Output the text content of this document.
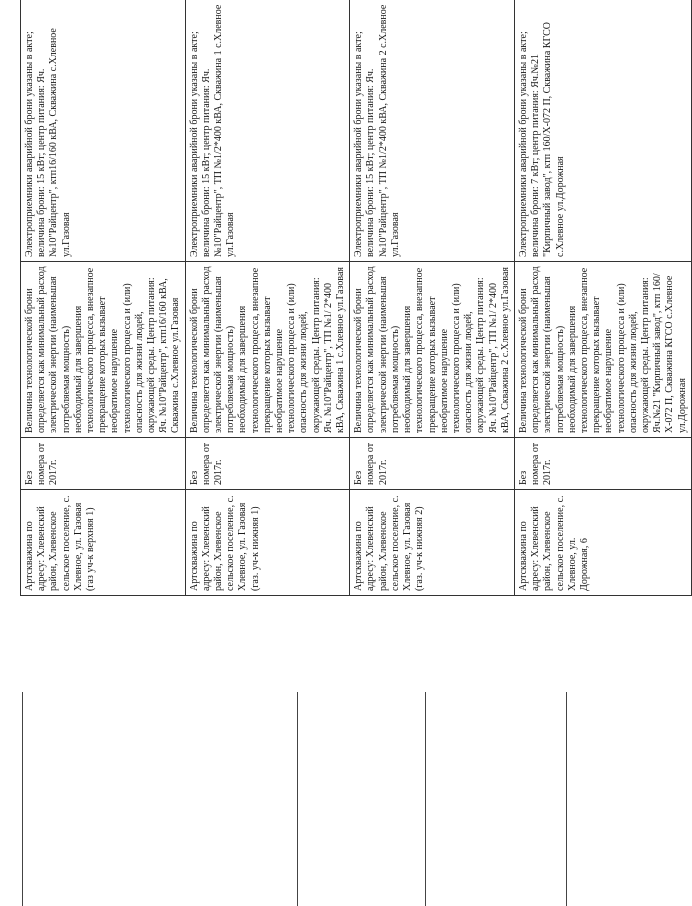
Артскважина по адресу: Хлевенский район, Хлевенское сельское поселение, с. Хлевное, ул. Газовая (газ уч-к верхняя 1)	Без номера от 2017г.	Величина технологической брони определяется как минимальный расход электрической энергии (наименьшая потребляемая мощность) необходимый для завершения технологического процесса, внезапное прекращение которых вызывает необратимое нарушение технологического процесса и (или) опасность для жизни людей, окружающей среды. Центр питания: Яч. №10"Райцентр", ктп16/160 кВА, Скважина с.Хлевное ул.Газовая	Электроприемники аварийной брони указаны в акте; величина брони: 15 кВт; центр питания: Яч. №10"Райцентр", ктп16/160 кВА, Скважина с.Хлевное ул.Газовая
Артскважина по адресу: Хлевенский район, Хлевенское сельское поселение, с. Хлевное, ул. Газовая (газ. уч-к нижняя 1)	Без номера от 2017г.	Величина технологической брони определяется как минимальный расход электрической энергии (наименьшая потребляемая мощность) необходимый для завершения технологического процесса, внезапное прекращение которых вызывает необратимое нарушение технологического процесса и (или) опасность для жизни людей, окружающей среды. Центр питания: Яч. №10"Райцентр", ТП №1/ 2*400 кВА, Скважина 1 с.Хлевное ул.Газовая	Электроприемники аварийной брони указаны в акте; величина брони: 15 кВт; центр питания: Яч. №10"Райцентр", ТП №1/2*400 кВА, Скважина 1 с.Хлевное ул.Газовая
Артскважина по адресу: Хлевенский район, Хлевенское сельское поселение, с. Хлевное, ул. Газовая (газ. уч-к нижняя 2)	Без номера от 2017г.	Величина технологической брони определяется как минимальный расход электрической энергии (наименьшая потребляемая мощность) необходимый для завершения технологического процесса, внезапное прекращение которых вызывает необратимое нарушение технологического процесса и (или) опасность для жизни людей, окружающей среды. Центр питания: Яч. №10"Райцентр", ТП №1/ 2*400 кВА, Скважина 2 с.Хлевное ул.Газовая	Электроприемники аварийной брони указаны в акте; величина брони: 15 кВт; центр питания: Яч. №10"Райцентр", ТП №1/2*400 кВА, Скважина 2 с.Хлевное ул.Газовая
Артскважина по адресу: Хлевенский район, Хлевенское сельское поселение, с. Хлевное, ул. Дорожная, 6	Без номера от 2017г.	Величина технологической брони определяется как минимальный расход электрической энергии (наименьшая потребляемая мощность) необходимый для завершения технологического процесса, внезапное прекращение которых вызывает необратимое нарушение технологического процесса и (или) опасность для жизни людей, окружающей среды. Центр питания: Яч.№21 "Кирпичный завод", ктп 160/Х-072 П, Скважина КГСО с.Хлевное ул.Дорожная	Электроприемники аварийной брони указаны в акте; величина брони: 7 кВт; центр питания: Яч.№21 "Кирпичный завод", ктп 160/Х-072 П, Скважина КГСО с.Хлевное ул.Дорожная
